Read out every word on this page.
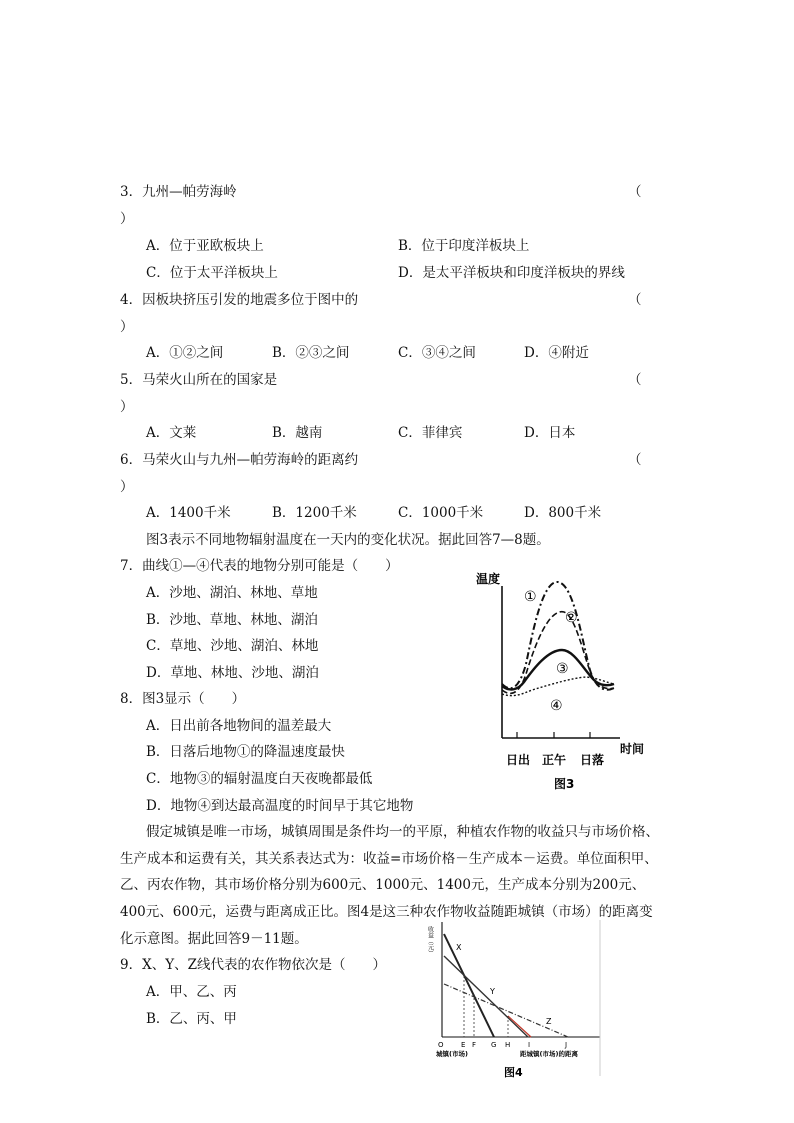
3．九州—帕劳海岭	（
）
A．位于亚欧板块上	B．位于印度洋板块上
C．位于太平洋板块上	D．是太平洋板块和印度洋板块的界线
4．因板块挤压引发的地震多位于图中的	（
）
A．①②之间	B．②③之间	C．③④之间	D．④附近
5．马荣火山所在的国家是	（
）
A．文莱	B．越南	C．菲律宾	D．日本
6．马荣火山与九州—帕劳海岭的距离约	（
）
A．1400千米	B．1200千米	C．1000千米	D．800千米
图3表示不同地物辐射温度在一天内的变化状况。据此回答7—8题。
7．曲线①—④代表的地物分别可能是（　　）
A．沙地、湖泊、林地、草地
B．沙地、草地、林地、湖泊
C．草地、沙地、湖泊、林地
D．草地、林地、沙地、湖泊
8．图3显示（　　）
A．日出前各地物间的温差最大
B．日落后地物①的降温速度最快
C．地物③的辐射温度白天夜晚都最低
D．地物④到达最高温度的时间早于其它地物
温度
时间
日出 正午 日落
①
②
③
④
图3
假定城镇是唯一市场，城镇周围是条件均一的平原，种植农作物的收益只与市场价格、
生产成本和运费有关，其关系表达式为：收益=市场价格－生产成本－运费。单位面积甲、
乙、丙农作物，其市场价格分别为600元、1000元、1400元，生产成本分别为200元、
400元、600元，运费与距离成正比。图4是这三种农作物收益随距城镇（市场）的距离变
化示意图。据此回答9－11题。
9．X、Y、Z线代表的农作物依次是（　　）
A．甲、乙、丙
B．乙、丙、甲
收益（元）	X
Y
Z
O E F G H	I	J
城镇(市场)	距城镇(市场)的距离
图4
